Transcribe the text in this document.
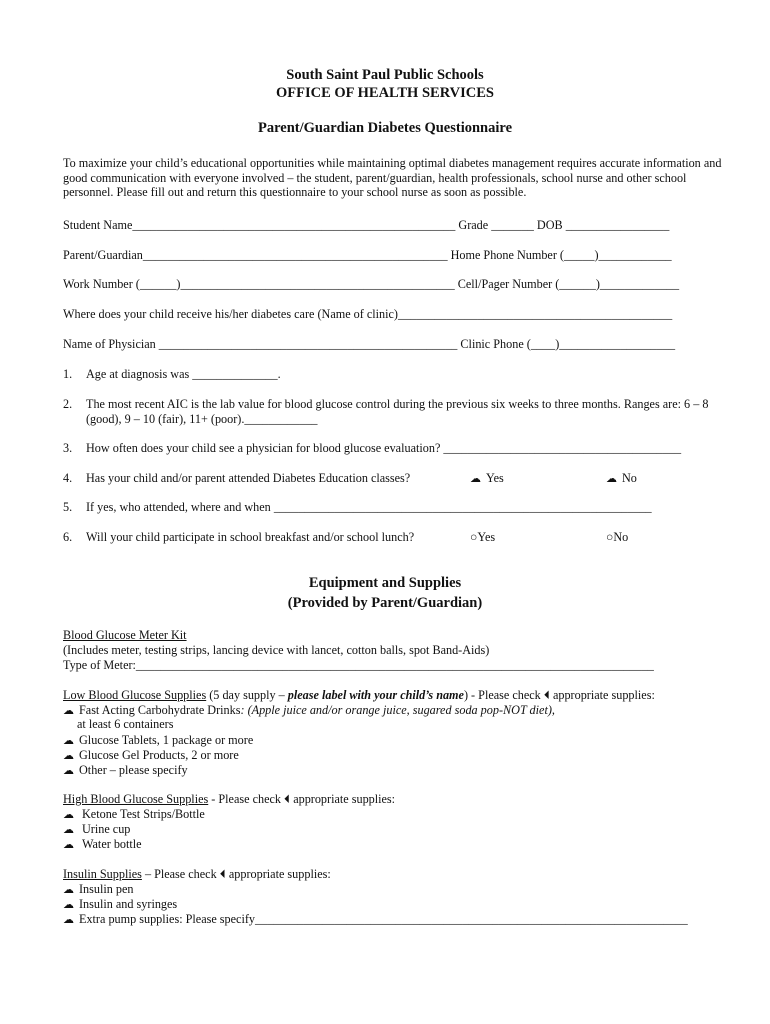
South Saint Paul Public Schools
OFFICE OF HEALTH SERVICES
Parent/Guardian Diabetes Questionnaire
To maximize your child’s educational opportunities while maintaining optimal diabetes management requires accurate information and good communication with everyone involved – the student, parent/guardian, health professionals, school nurse and other school personnel. Please fill out and return this questionnaire to your school nurse as soon as possible.
Student Name_____________________________________________________ Grade _______ DOB _________________
Parent/Guardian__________________________________________________ Home Phone Number (_____)____________
Work Number (______)_____________________________________________ Cell/Pager Number (______)_____________
Where does your child receive his/her diabetes care (Name of clinic)_____________________________________________
Name of Physician _________________________________________________ Clinic Phone (____)___________________
1. Age at diagnosis was ______________.
2. The most recent AIC is the lab value for blood glucose control during the previous six weeks to three months. Ranges are: 6 – 8 (good), 9 – 10 (fair), 11+ (poor).____________
3. How often does your child see a physician for blood glucose evaluation? _______________________________________
4. Has your child and/or parent attended Diabetes Education classes?	☁ Yes	☁ No
5. If yes, who attended, where and when ______________________________________________________________
6. Will your child participate in school breakfast and/or school lunch?	○Yes	○No
Equipment and Supplies
(Provided by Parent/Guardian)
Blood Glucose Meter Kit
(Includes meter, testing strips, lancing device with lancet, cotton balls, spot Band-Aids)
Type of Meter:_____________________________________________________________________________________
Low Blood Glucose Supplies (5 day supply – please label with your child’s name) - Please check ⏴ appropriate supplies:
☁ Fast Acting Carbohydrate Drinks: (Apple juice and/or orange juice, sugared soda pop-NOT diet),
at least 6 containers
☁ Glucose Tablets, 1 package or more
☁ Glucose Gel Products, 2 or more
☁ Other – please specify
High Blood Glucose Supplies - Please check ⏴ appropriate supplies:
☁ Ketone Test Strips/Bottle
☁ Urine cup
☁ Water bottle
Insulin Supplies – Please check ⏴ appropriate supplies:
☁ Insulin pen
☁ Insulin and syringes
☁ Extra pump supplies: Please specify_______________________________________________________________________
